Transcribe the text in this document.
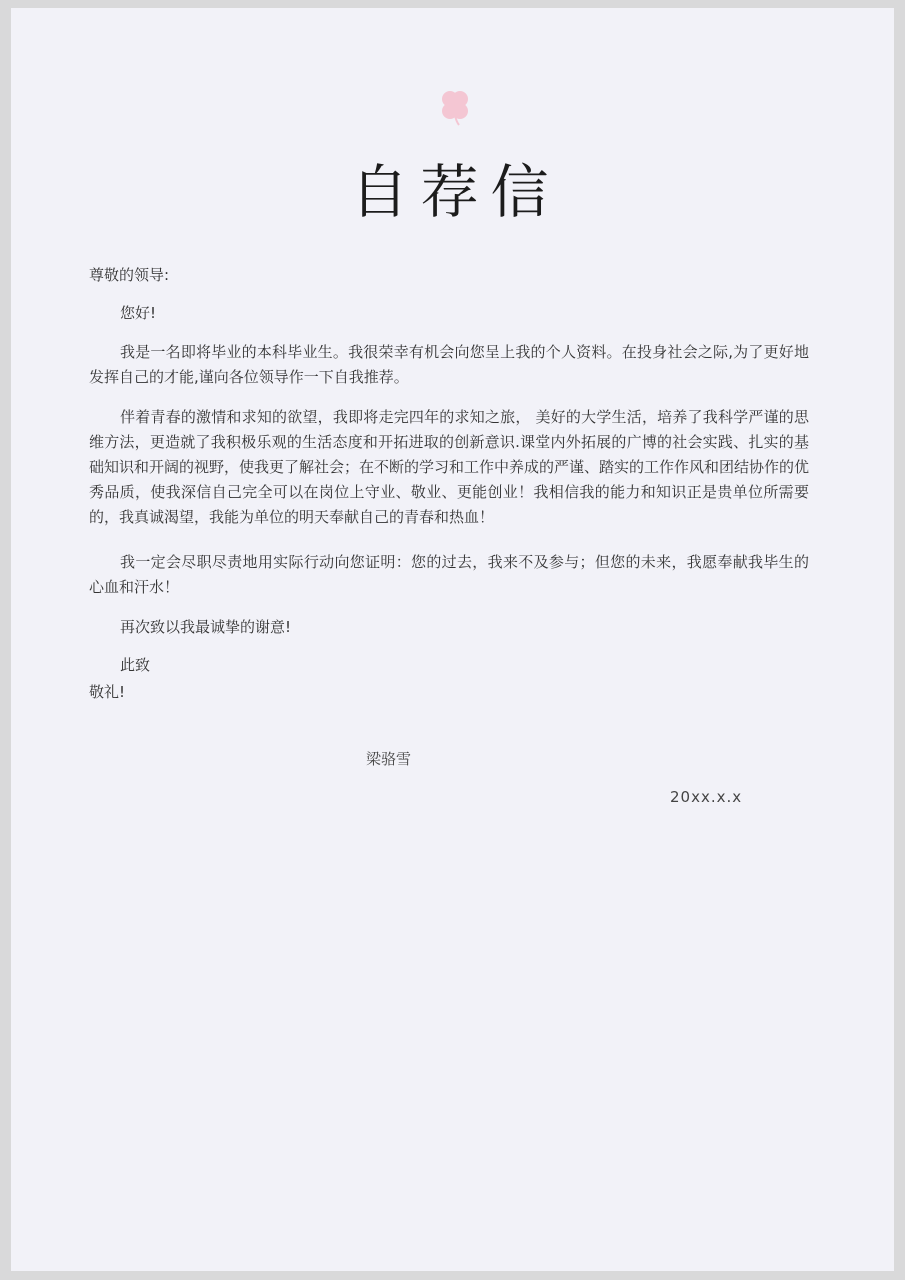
自荐信

尊敬的领导:

您好!

我是一名即将毕业的本科毕业生。我很荣幸有机会向您呈上我的个人资料。在投身社会之际,为了更好地发挥自己的才能,谨向各位领导作一下自我推荐。

伴着青春的激情和求知的欲望，我即将走完四年的求知之旅， 美好的大学生活，培养了我科学严谨的思维方法，更造就了我积极乐观的生活态度和开拓进取的创新意识.课堂内外拓展的广博的社会实践、扎实的基础知识和开阔的视野，使我更了解社会；在不断的学习和工作中养成的严谨、踏实的工作作风和团结协作的优秀品质，使我深信自己完全可以在岗位上守业、敬业、更能创业！我相信我的能力和知识正是贵单位所需要的，我真诚渴望，我能为单位的明天奉献自己的青春和热血！

我一定会尽职尽责地用实际行动向您证明：您的过去，我来不及参与；但您的未来，我愿奉献我毕生的心血和汗水！

再次致以我最诚挚的谢意!

此致

敬礼!

梁骆雪

20xx.x.x
